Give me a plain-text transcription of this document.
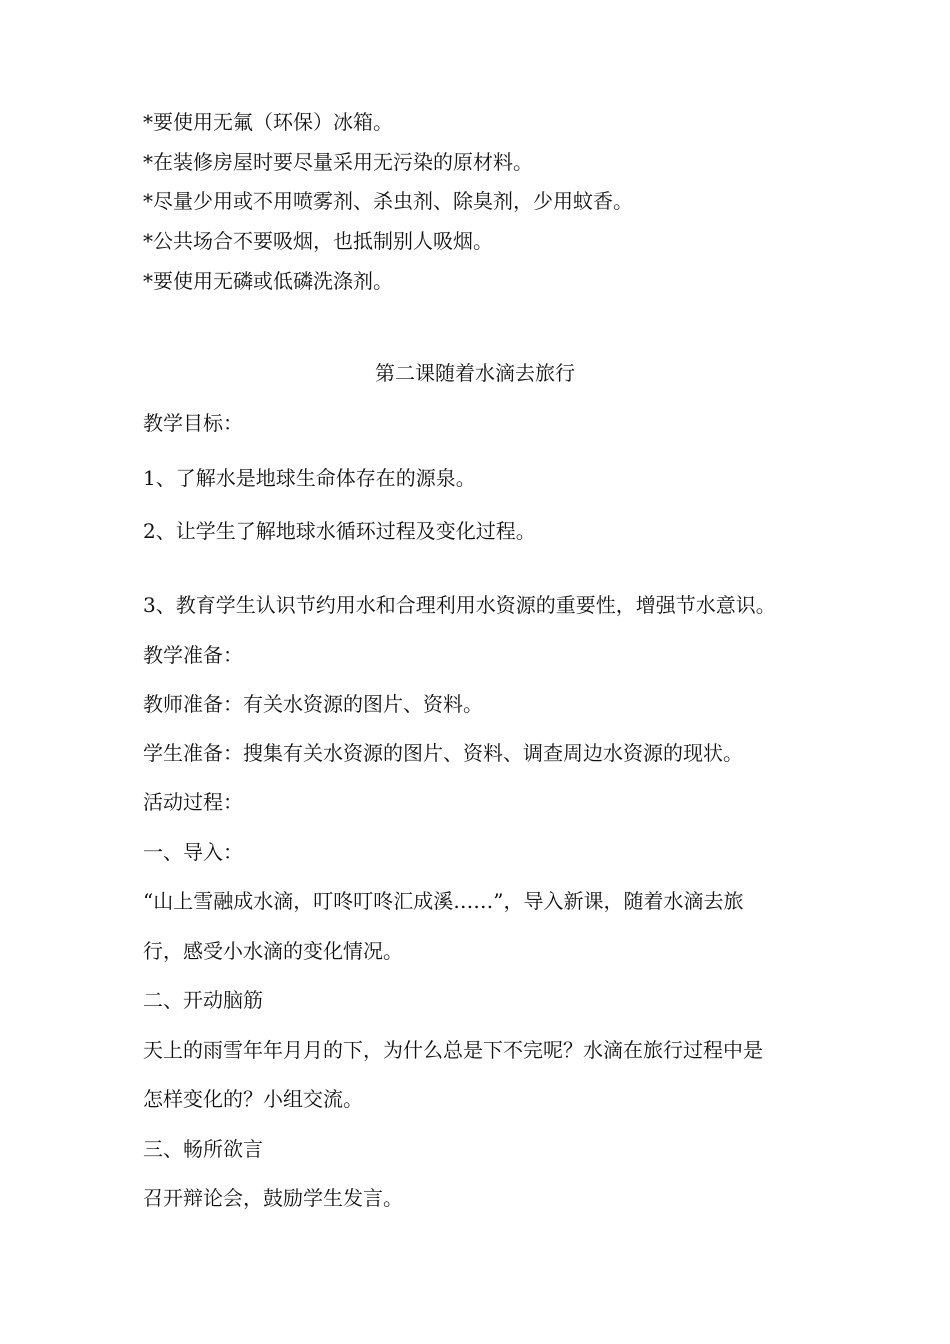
*要使用无氟（环保）冰箱。
*在装修房屋时要尽量采用无污染的原材料。
*尽量少用或不用喷雾剂、杀虫剂、除臭剂，少用蚊香。
*公共场合不要吸烟，也抵制别人吸烟。
*要使用无磷或低磷洗涤剂。
第二课随着水滴去旅行
教学目标：
1、了解水是地球生命体存在的源泉。
2、让学生了解地球水循环过程及变化过程。
3、教育学生认识节约用水和合理利用水资源的重要性，增强节水意识。
教学准备：
教师准备：有关水资源的图片、资料。
学生准备：搜集有关水资源的图片、资料、调查周边水资源的现状。
活动过程：
一、导入：
“山上雪融成水滴，叮咚叮咚汇成溪……”，导入新课，随着水滴去旅
行，感受小水滴的变化情况。
二、开动脑筋
天上的雨雪年年月月的下，为什么总是下不完呢？水滴在旅行过程中是
怎样变化的？小组交流。
三、畅所欲言
召开辩论会，鼓励学生发言。
